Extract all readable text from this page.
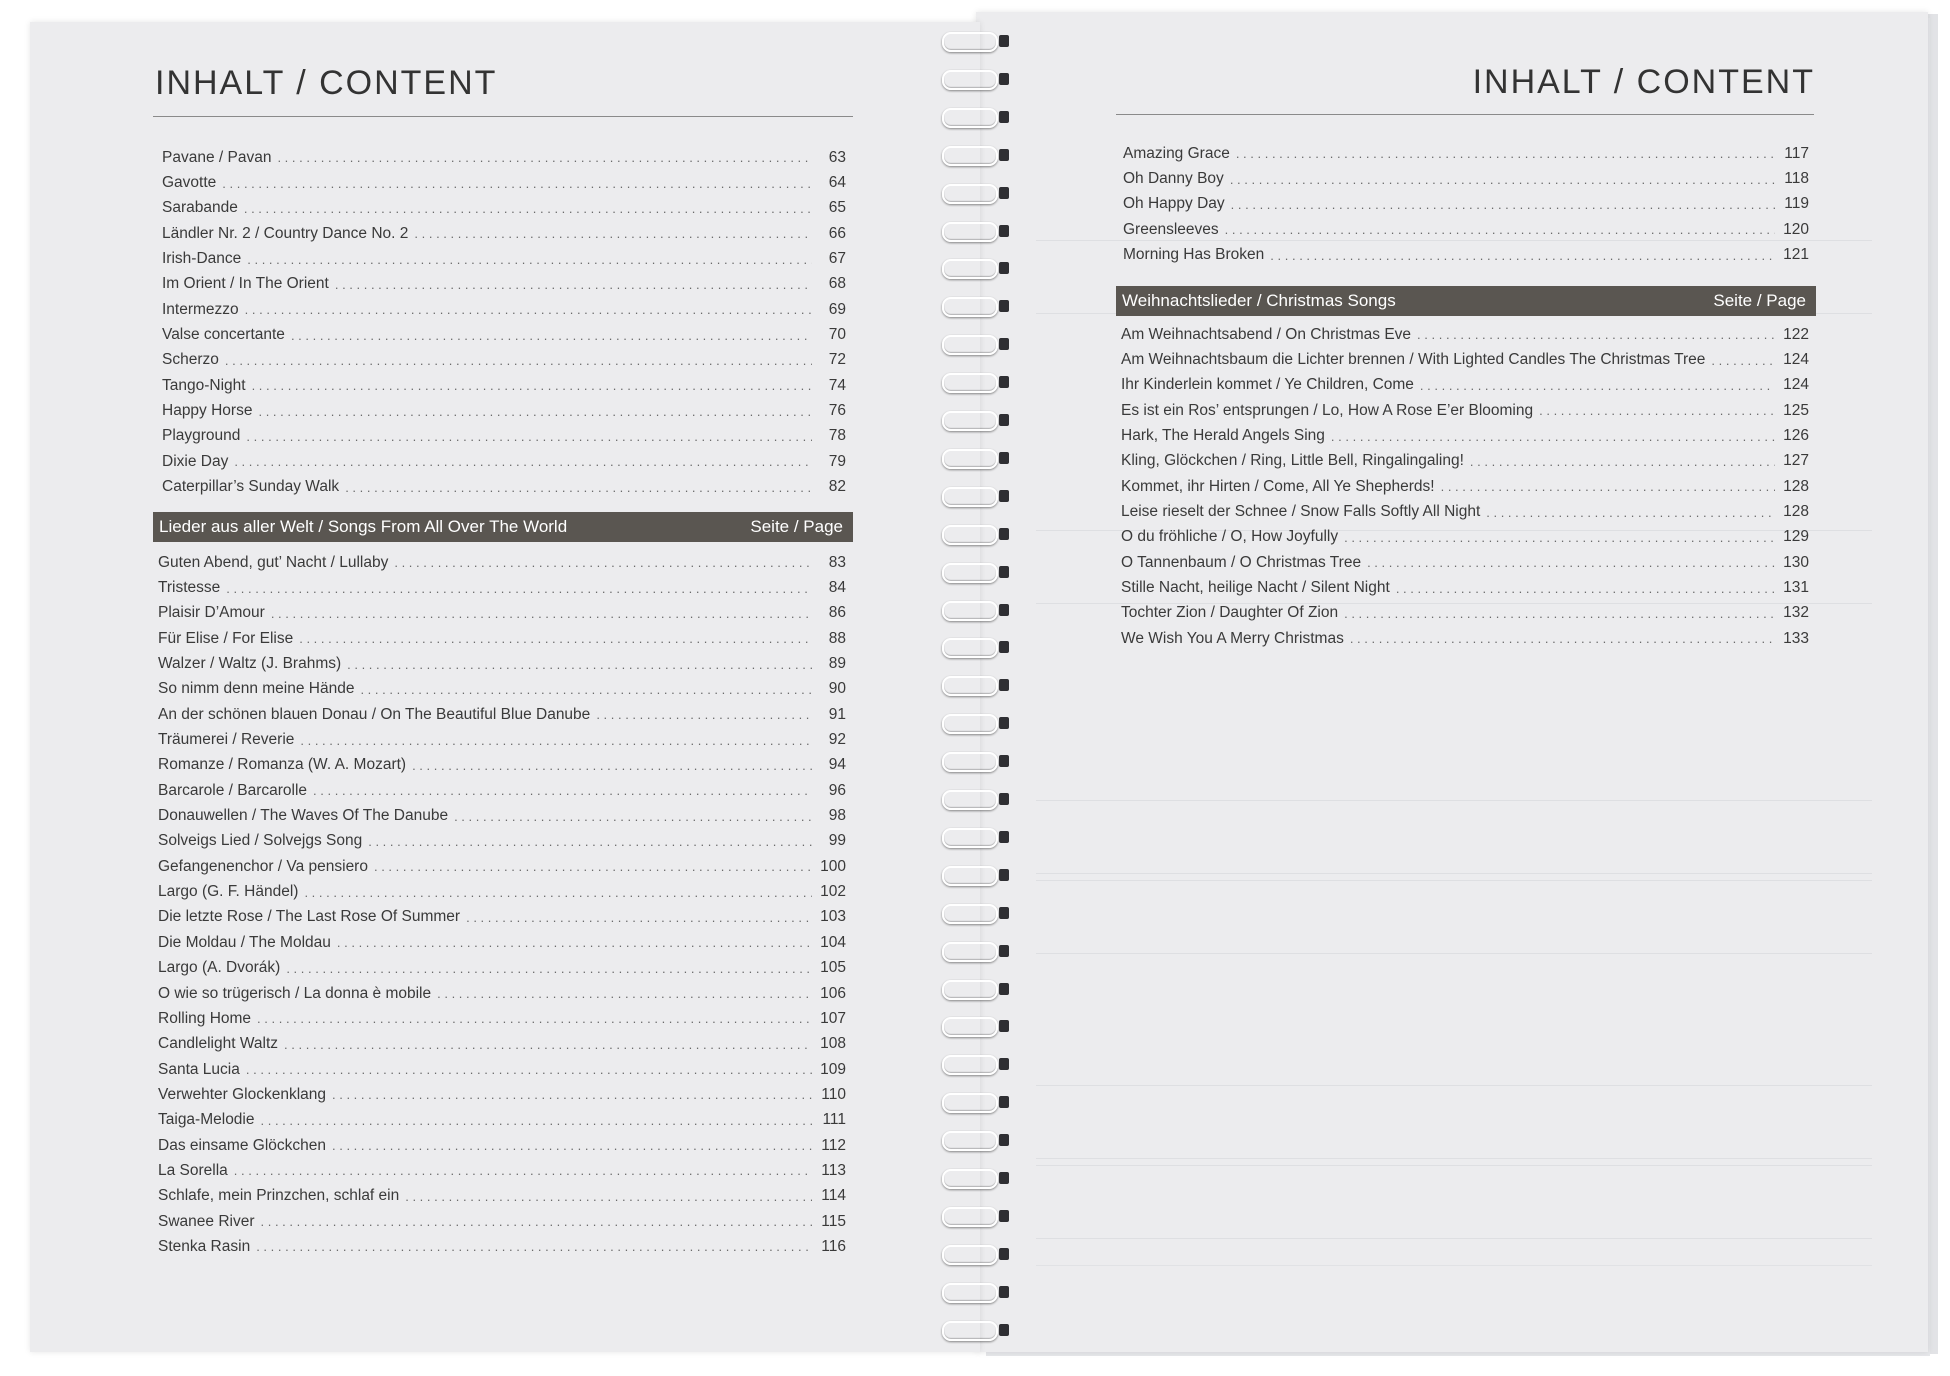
INHALT / CONTENT
Pavane / Pavan . . .	63
Gavotte . . .	64
Sarabande . . .	65
Ländler Nr. 2 / Country Dance No. 2 . . .	66
Irish-Dance . . .	67
Im Orient / In The Orient . . .	68
Intermezzo . . .	69
Valse concertante . . .	70
Scherzo . . .	72
Tango-Night . . .	74
Happy Horse . . .	76
Playground . . .	78
Dixie Day . . .	79
Caterpillar’s Sunday Walk . . .	82
Lieder aus aller Welt / Songs From All Over The World	Seite / Page
Guten Abend, gut’ Nacht / Lullaby . . .	83
Tristesse . . .	84
Plaisir D’Amour . . .	86
Für Elise / For Elise . . .	88
Walzer / Waltz (J. Brahms) . . .	89
So nimm denn meine Hände . . .	90
An der schönen blauen Donau / On The Beautiful Blue Danube . . .	91
Träumerei / Reverie . . .	92
Romanze / Romanza (W. A. Mozart) . . .	94
Barcarole / Barcarolle . . .	96
Donauwellen / The Waves Of The Danube . . .	98
Solveigs Lied / Solvejgs Song . . .	99
Gefangenenchor / Va pensiero . . .	100
Largo (G. F. Händel) . . .	102
Die letzte Rose / The Last Rose Of Summer . . .	103
Die Moldau / The Moldau . . .	104
Largo (A. Dvorák) . . .	105
O wie so trügerisch / La donna è mobile . . .	106
Rolling Home . . .	107
Candlelight Waltz . . .	108
Santa Lucia . . .	109
Verwehter Glockenklang . . .	110
Taiga-Melodie . . .	111
Das einsame Glöckchen . . .	112
La Sorella . . .	113
Schlafe, mein Prinzchen, schlaf ein . . .	114
Swanee River . . .	115
Stenka Rasin . . .	116
INHALT / CONTENT
Amazing Grace . . .	117
Oh Danny Boy . . .	118
Oh Happy Day . . .	119
Greensleeves . . .	120
Morning Has Broken . . .	121
Weihnachtslieder / Christmas Songs	Seite / Page
Am Weihnachtsabend / On Christmas Eve . . .	122
Am Weihnachtsbaum die Lichter brennen / With Lighted Candles The Christmas Tree . . .	124
Ihr Kinderlein kommet / Ye Children, Come . . .	124
Es ist ein Ros’ entsprungen / Lo, How A Rose E’er Blooming . . .	125
Hark, The Herald Angels Sing . . .	126
Kling, Glöckchen / Ring, Little Bell, Ringalingaling! . . .	127
Kommet, ihr Hirten / Come, All Ye Shepherds! . . .	128
Leise rieselt der Schnee / Snow Falls Softly All Night . . .	128
O du fröhliche / O, How Joyfully . . .	129
O Tannenbaum / O Christmas Tree . . .	130
Stille Nacht, heilige Nacht / Silent Night . . .	131
Tochter Zion / Daughter Of Zion . . .	132
We Wish You A Merry Christmas . . .	133
